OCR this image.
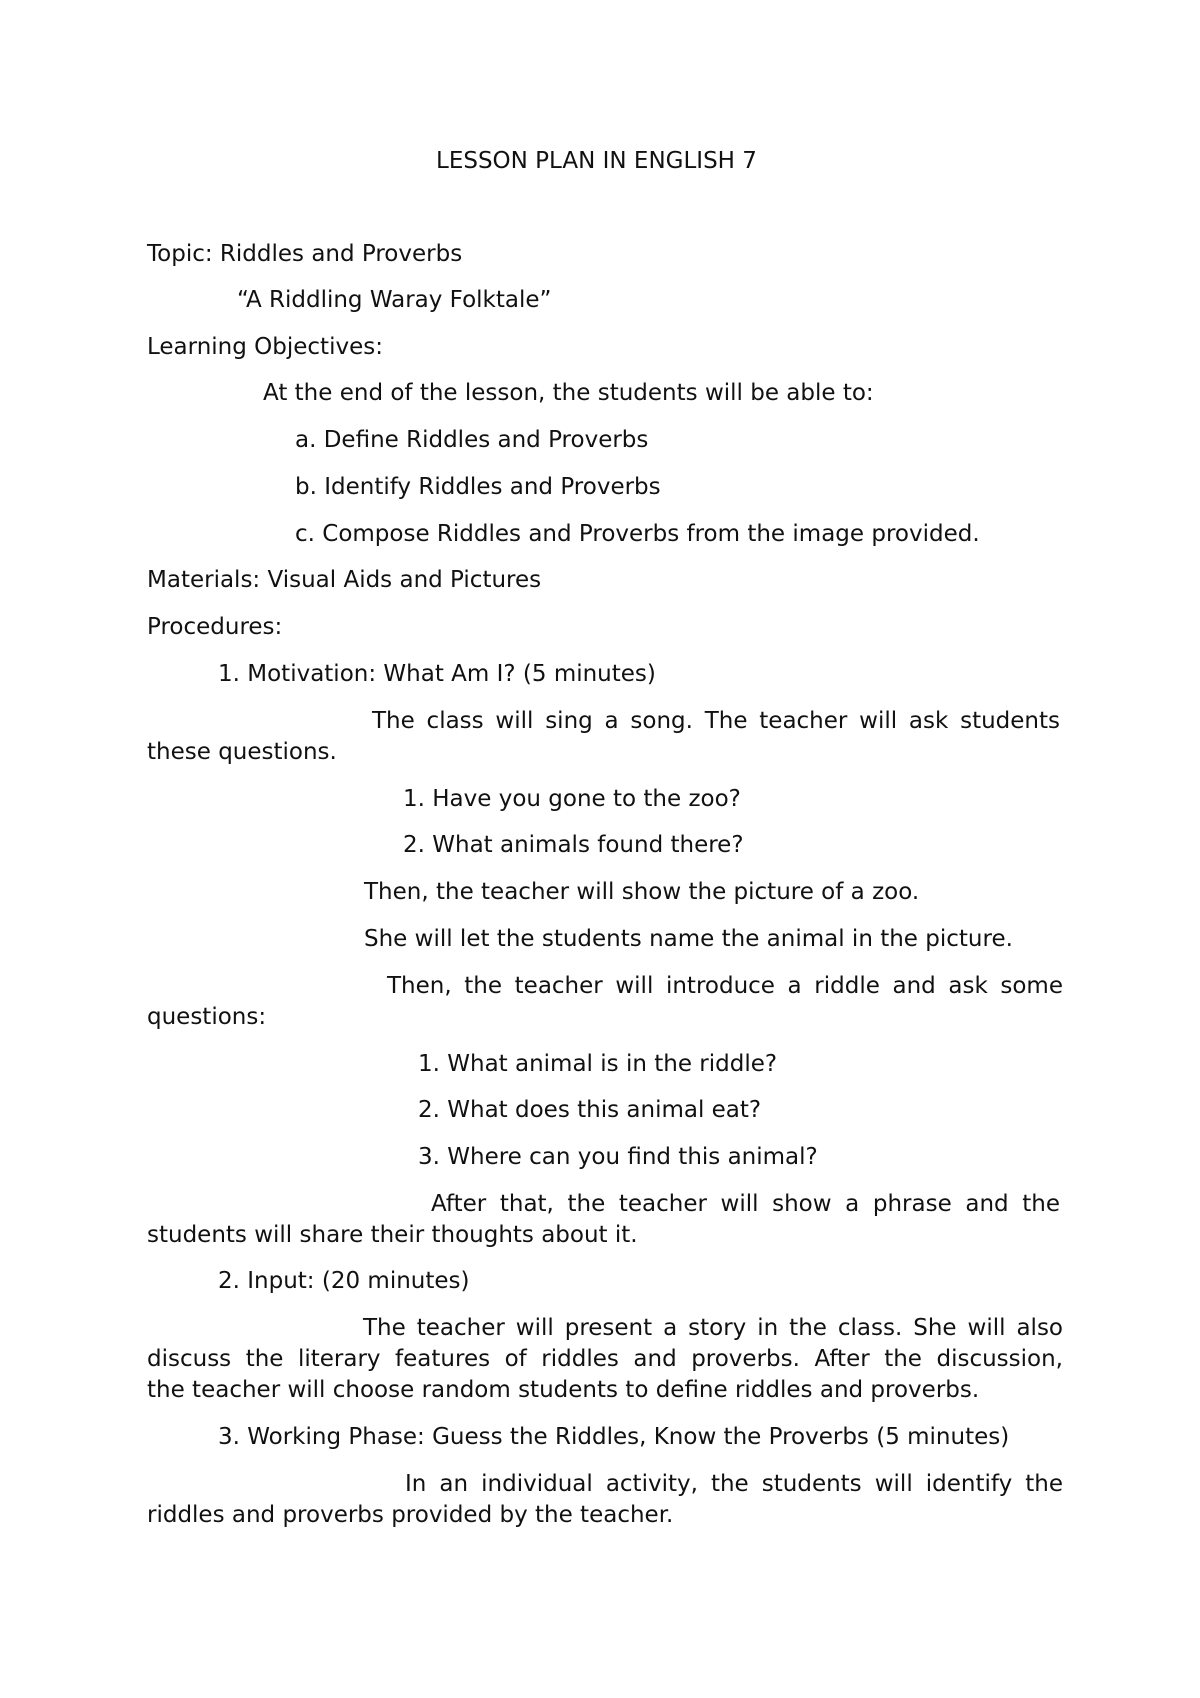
LESSON PLAN IN ENGLISH 7
Topic: Riddles and Proverbs
“A Riddling Waray Folktale”
Learning Objectives:
At the end of the lesson, the students will be able to:
a. Define Riddles and Proverbs
b. Identify Riddles and Proverbs
c. Compose Riddles and Proverbs from the image provided.
Materials: Visual Aids and Pictures
Procedures:
1. Motivation: What Am I? (5 minutes)
The class will sing a song. The teacher will ask students
these questions.
1. Have you gone to the zoo?
2. What animals found there?
Then, the teacher will show the picture of a zoo.
She will let the students name the animal in the picture.
Then, the teacher will introduce a riddle and ask some
questions:
1. What animal is in the riddle?
2. What does this animal eat?
3. Where can you find this animal?
After that, the teacher will show a phrase and the
students will share their thoughts about it.
2. Input: (20 minutes)
The teacher will present a story in the class. She will also
discuss the literary features of riddles and proverbs. After the discussion,
the teacher will choose random students to define riddles and proverbs.
3. Working Phase: Guess the Riddles, Know the Proverbs (5 minutes)
In an individual activity, the students will identify the
riddles and proverbs provided by the teacher.
